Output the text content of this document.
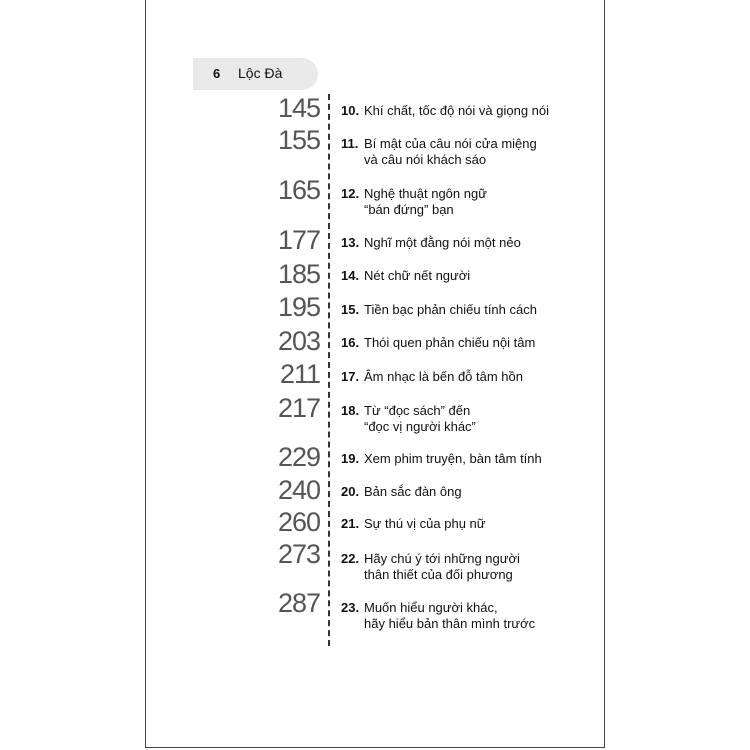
6 Lộc Đà
145 10. Khí chất, tốc độ nói và giọng nói
155 11. Bí mật của câu nói cửa miệng
và câu nói khách sáo
165 12. Nghệ thuật ngôn ngữ
“bán đứng” bạn
177 13. Nghĩ một đằng nói một nẻo
185 14. Nét chữ nết người
195 15. Tiền bạc phản chiếu tính cách
203 16. Thói quen phản chiếu nội tâm
211 17. Âm nhạc là bến đỗ tâm hồn
217 18. Từ “đọc sách” đến
“đọc vị người khác”
229 19. Xem phim truyện, bàn tâm tính
240 20. Bản sắc đàn ông
260 21. Sự thú vị của phụ nữ
273 22. Hãy chú ý tới những người
thân thiết của đối phương
287 23. Muốn hiểu người khác,
hãy hiểu bản thân mình trước
